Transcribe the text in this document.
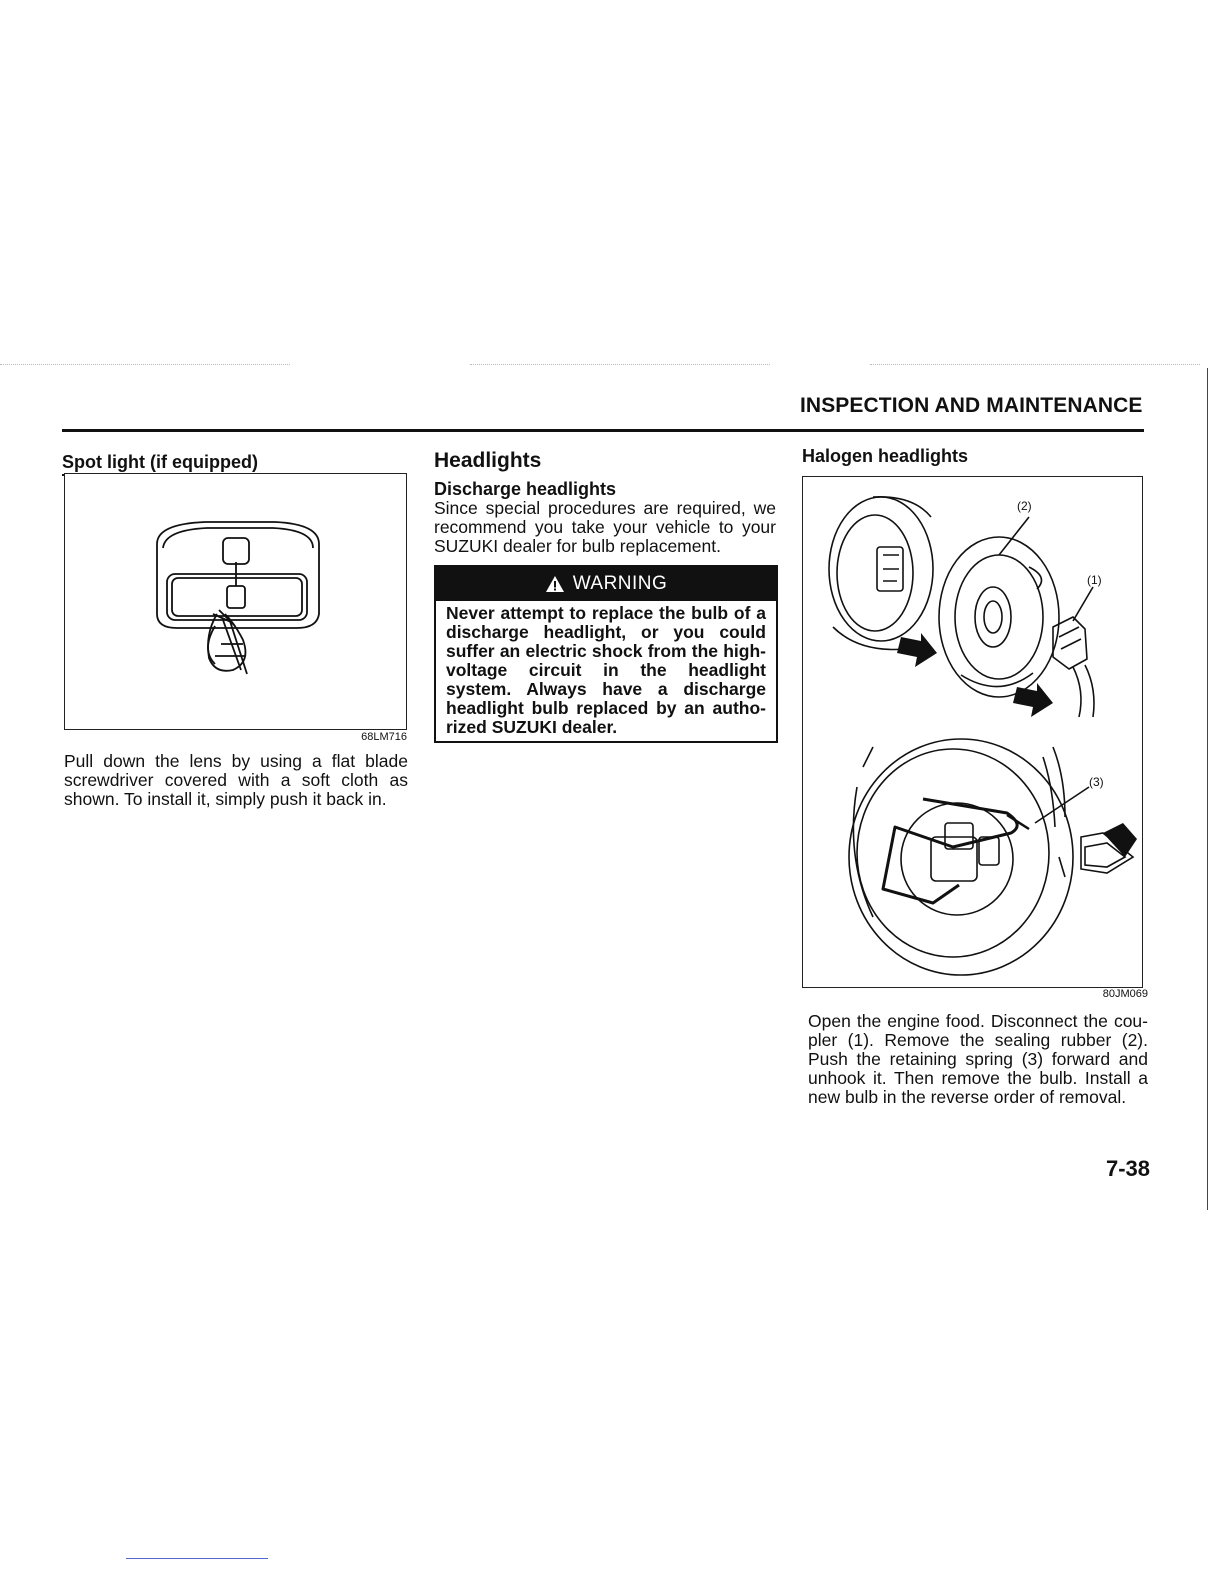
INSPECTION AND MAINTENANCE
Spot light (if equipped)
68LM716
Pull down the lens by using a flat blade screwdriver covered with a soft cloth as shown. To install it, simply push it back in.
Headlights
Discharge headlights
Since special procedures are required, we recommend you take your vehicle to your SUZUKI dealer for bulb replacement.
WARNING
Never attempt to replace the bulb of a discharge headlight, or you could suffer an electric shock from the high-voltage circuit in the headlight system. Always have a discharge headlight bulb replaced by an autho-rized SUZUKI dealer.
Halogen headlights
(2)
(1)
(3)
80JM069
Open the engine food. Disconnect the cou-pler (1). Remove the sealing rubber (2). Push the retaining spring (3) forward and unhook it. Then remove the bulb. Install a new bulb in the reverse order of removal.
7-38
